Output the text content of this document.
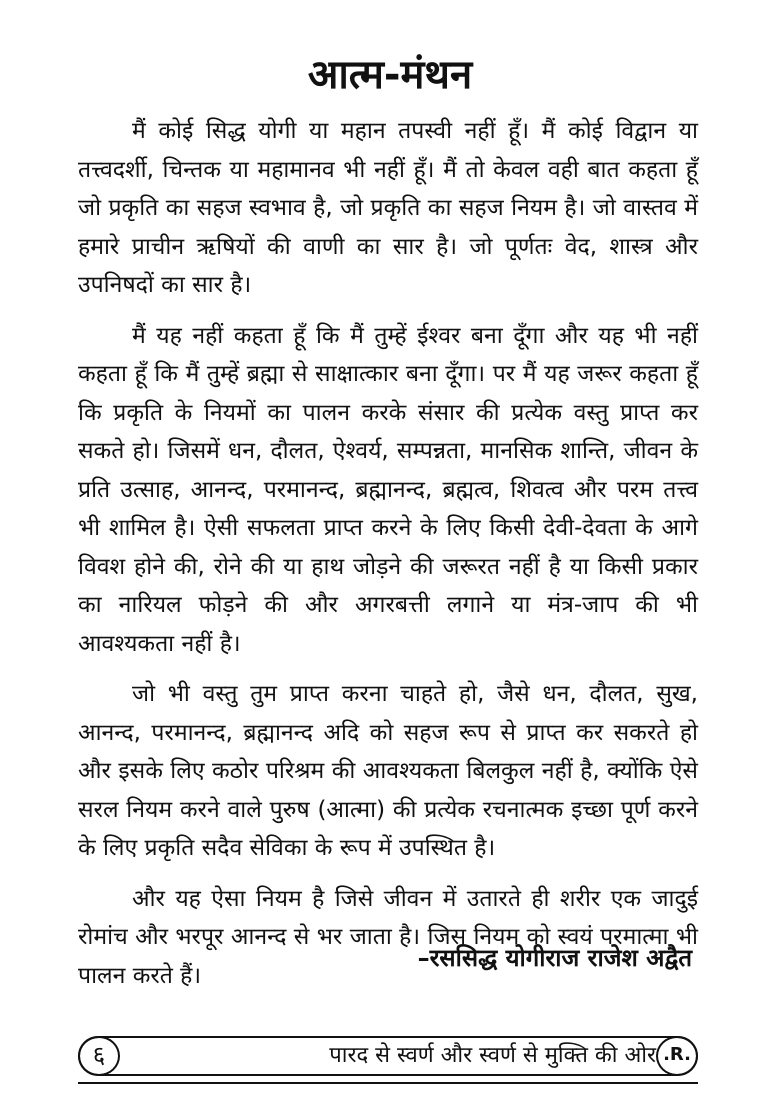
आत्म-मंथन

मैं कोई सिद्ध योगी या महान तपस्वी नहीं हूँ। मैं कोई विद्वान या तत्त्वदर्शी, चिन्तक या महामानव भी नहीं हूँ। मैं तो केवल वही बात कहता हूँ जो प्रकृति का सहज स्वभाव है, जो प्रकृति का सहज नियम है। जो वास्तव में हमारे प्राचीन ऋषियों की वाणी का सार है। जो पूर्णतः वेद, शास्त्र और उपनिषदों का सार है।

मैं यह नहीं कहता हूँ कि मैं तुम्हें ईश्वर बना दूँगा और यह भी नहीं कहता हूँ कि मैं तुम्हें ब्रह्मा से साक्षात्कार बना दूँगा। पर मैं यह जरूर कहता हूँ कि प्रकृति के नियमों का पालन करके संसार की प्रत्येक वस्तु प्राप्त कर सकते हो। जिसमें धन, दौलत, ऐश्वर्य, सम्पन्नता, मानसिक शान्ति, जीवन के प्रति उत्साह, आनन्द, परमानन्द, ब्रह्मानन्द, ब्रह्मत्व, शिवत्व और परम तत्त्व भी शामिल है। ऐसी सफलता प्राप्त करने के लिए किसी देवी-देवता के आगे विवश होने की, रोने की या हाथ जोड़ने की जरूरत नहीं है या किसी प्रकार का नारियल फोड़ने की और अगरबत्ती लगाने या मंत्र-जाप की भी आवश्यकता नहीं है।

जो भी वस्तु तुम प्राप्त करना चाहते हो, जैसे धन, दौलत, सुख, आनन्द, परमानन्द, ब्रह्मानन्द अदि को सहज रूप से प्राप्त कर सकरते हो और इसके लिए कठोर परिश्रम की आवश्यकता बिलकुल नहीं है, क्योंकि ऐसे सरल नियम करने वाले पुरुष (आत्मा) की प्रत्येक रचनात्मक इच्छा पूर्ण करने के लिए प्रकृति सदैव सेविका के रूप में उपस्थित है।

और यह ऐसा नियम है जिसे जीवन में उतारते ही शरीर एक जादुई रोमांच और भरपूर आनन्द से भर जाता है। जिस नियम को स्वयं परमात्मा भी पालन करते हैं।

–रससिद्ध योगीराज राजेश अद्वैत
६	पारद से स्वर्ण और स्वर्ण से मुक्ति की ओर .R.
